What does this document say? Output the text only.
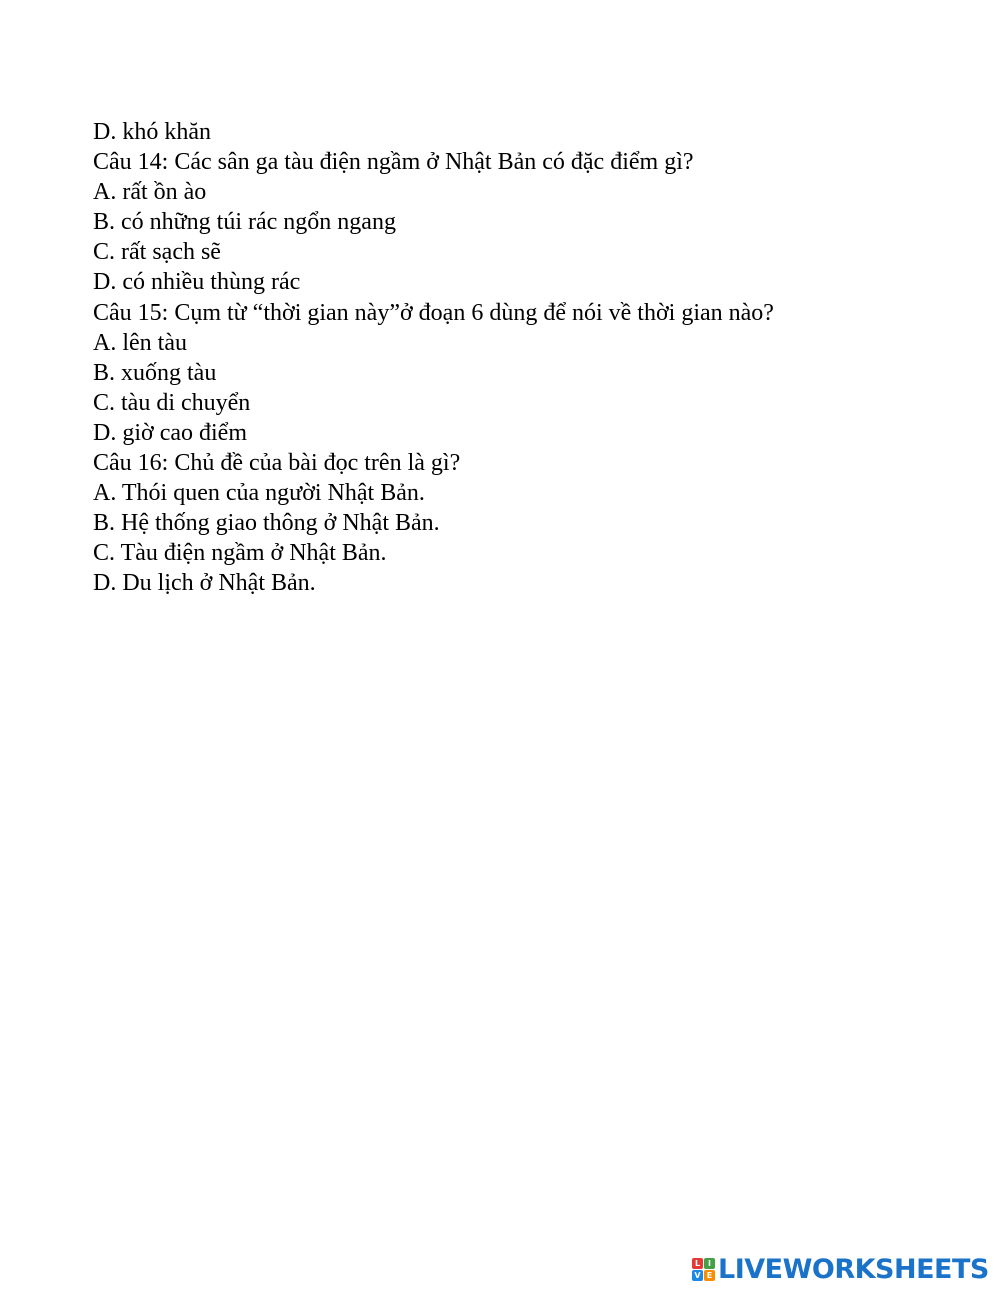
D. khó khăn
Câu 14: Các sân ga tàu điện ngầm ở Nhật Bản có đặc điểm gì?
A. rất ồn ào
B. có những túi rác ngổn ngang
C. rất sạch sẽ
D. có nhiều thùng rác
Câu 15: Cụm từ “thời gian này”ở đoạn 6 dùng để nói về thời gian nào?
A. lên tàu
B. xuống tàu
C. tàu di chuyển
D. giờ cao điểm
Câu 16: Chủ đề của bài đọc trên là gì?
A. Thói quen của người Nhật Bản.
B. Hệ thống giao thông ở Nhật Bản.
C. Tàu điện ngầm ở Nhật Bản.
D. Du lịch ở Nhật Bản.
L I
V E LIVEWORKSHEETS
